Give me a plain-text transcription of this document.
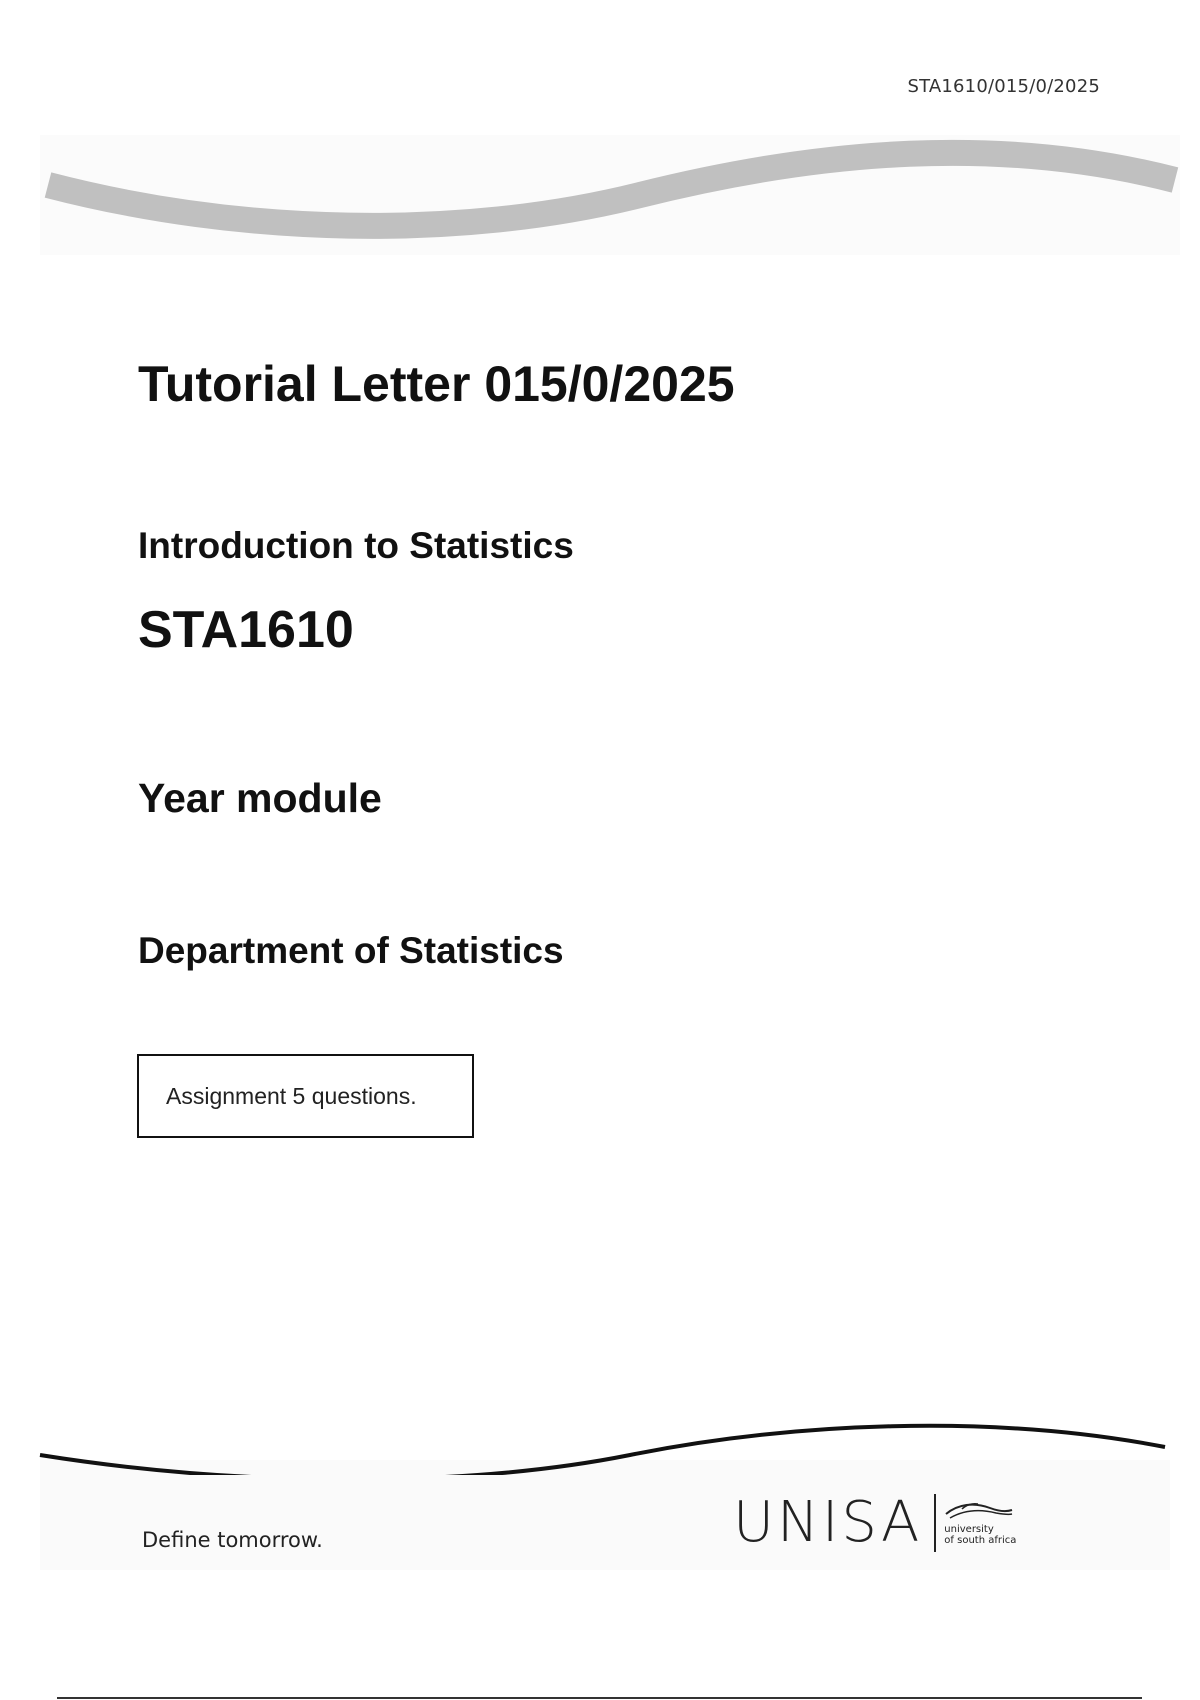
STA1610/015/0/2025
Tutorial Letter 015/0/2025
Introduction to Statistics
STA1610
Year module
Department of Statistics
Assignment 5 questions.
Define tomorrow.	UNISA university
of south africa
